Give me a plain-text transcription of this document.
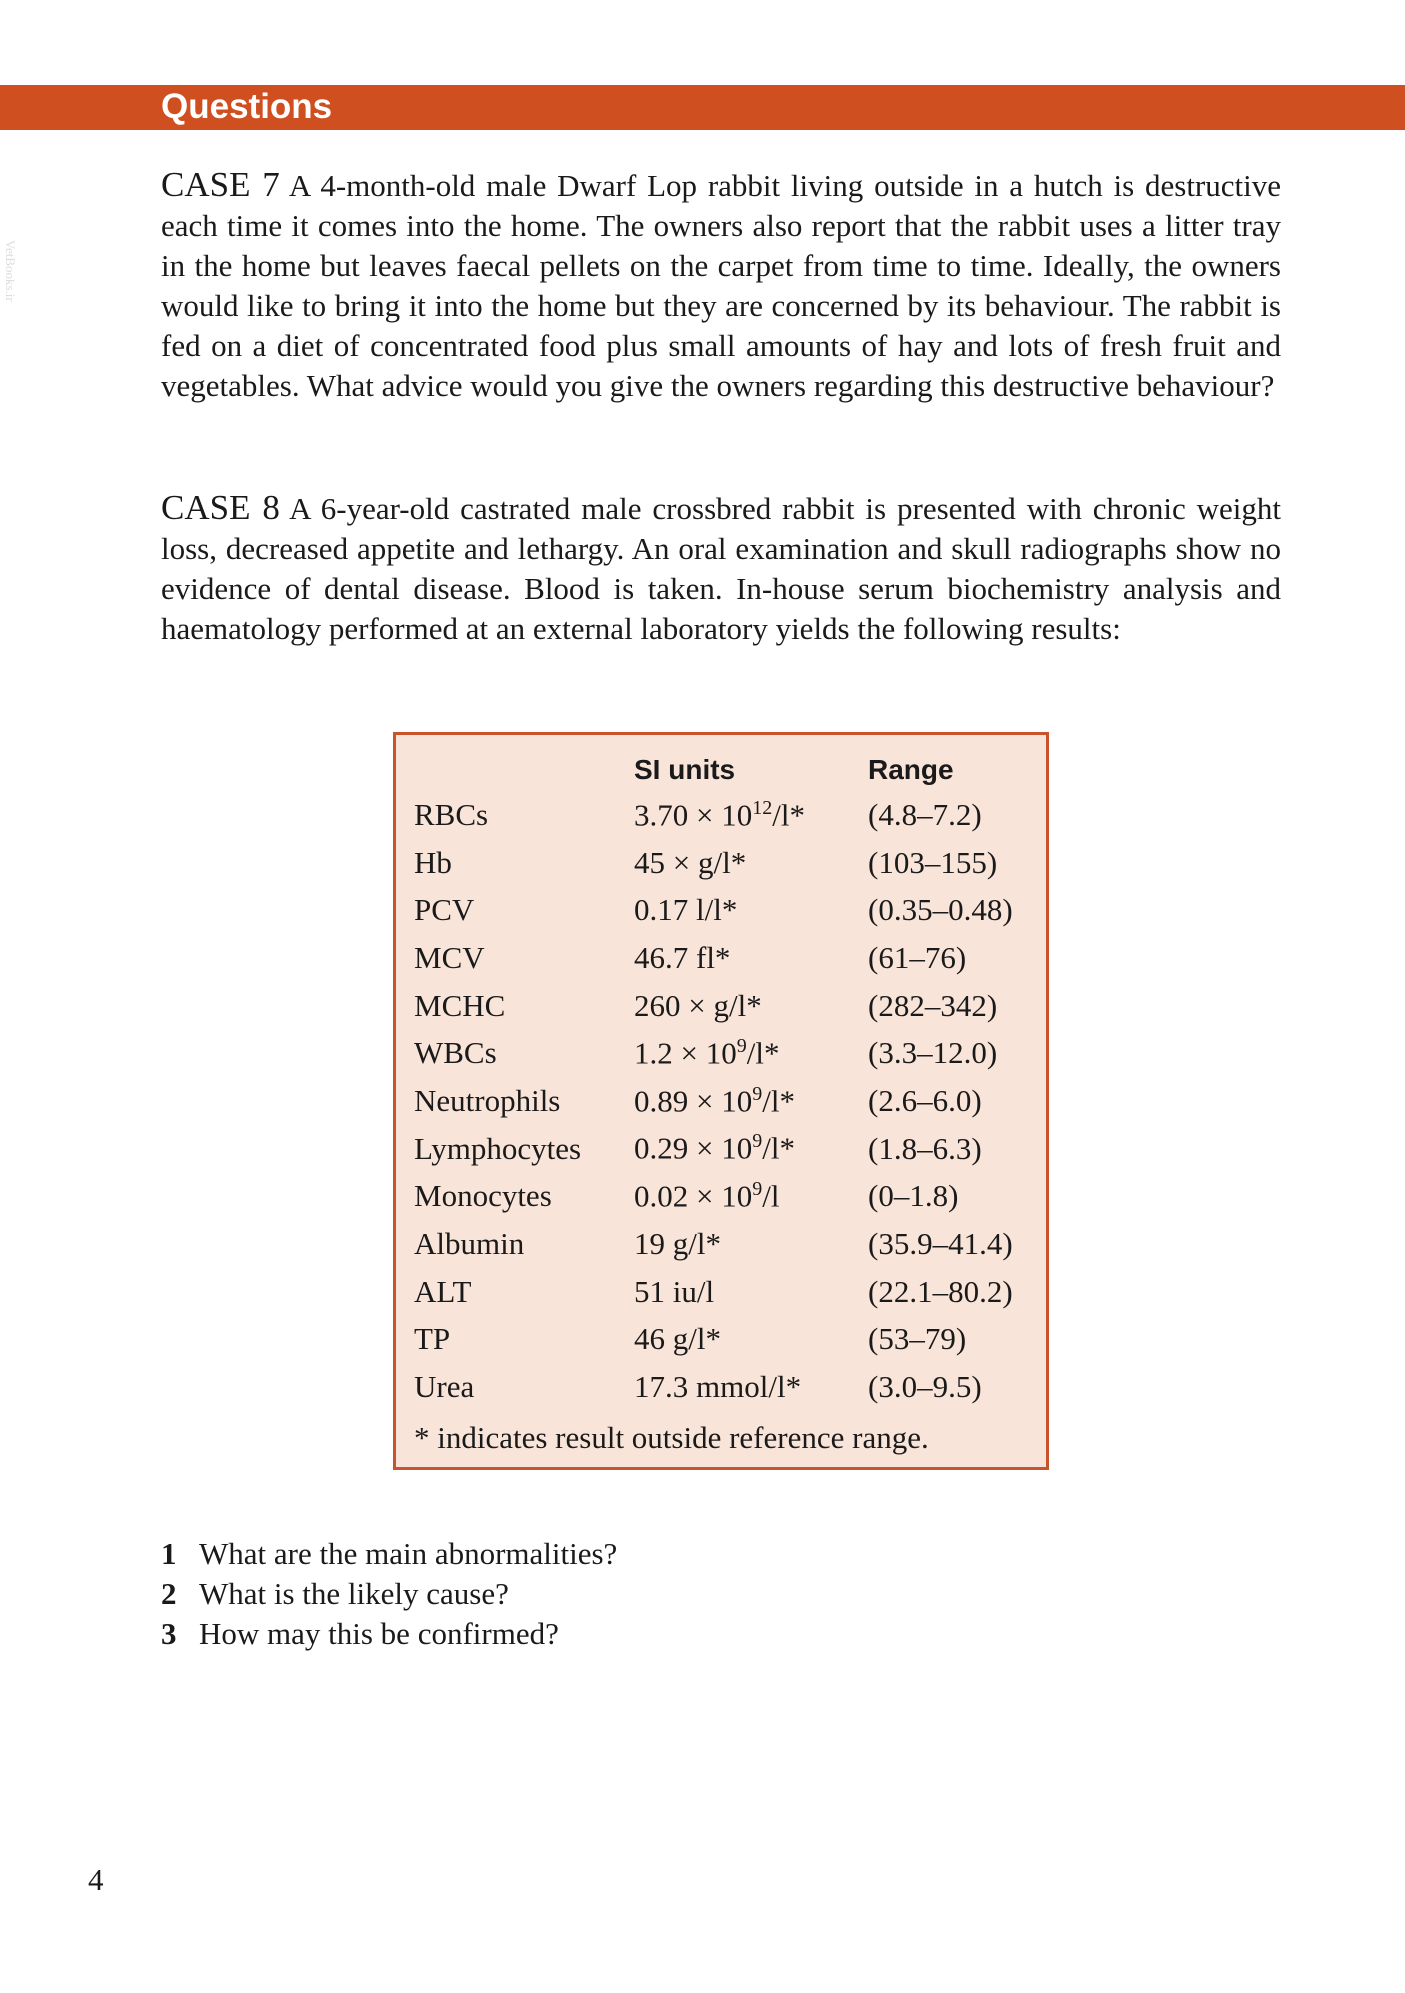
Questions
VetBooks.ir

CASE 7 A 4-month-old male Dwarf Lop rabbit living outside in a hutch is destructive each time it comes into the home. The owners also report that the rabbit uses a litter tray in the home but leaves faecal pellets on the carpet from time to time. Ideally, the owners would like to bring it into the home but they are concerned by its behaviour. The rabbit is fed on a diet of concentrated food plus small amounts of hay and lots of fresh fruit and vegetables. What advice would you give the owners regarding this destructive behaviour?

CASE 8 A 6-year-old castrated male crossbred rabbit is presented with chronic weight loss, decreased appetite and lethargy. An oral examination and skull radiographs show no evidence of dental disease. Blood is taken. In-house serum biochemistry analysis and haematology performed at an external laboratory yields the following results:

	SI units	Range
RBCs	$3.70 \times 10^{12}/l*$	(4.8–7.2)
Hb	45 × g/l*	(103–155)
PCV	0.17 l/l*	(0.35–0.48)
MCV	46.7 fl*	(61–76)
MCHC	260 × g/l*	(282–342)
WBCs	$1.2 \times 10^9/l*$	(3.3–12.0)
Neutrophils	$0.89 \times 10^9/l*$	(2.6–6.0)
Lymphocytes	$0.29 \times 10^9/l*$	(1.8–6.3)
Monocytes	$0.02 \times 10^9/l$	(0–1.8)
Albumin	19 g/l*	(35.9–41.4)
ALT	51 iu/l	(22.1–80.2)
TP	46 g/l*	(53–79)
Urea	17.3 mmol/l*	(3.0–9.5)
* indicates result outside reference range.
1 What are the main abnormalities?
2 What is the likely cause?
3 How may this be confirmed?
4
